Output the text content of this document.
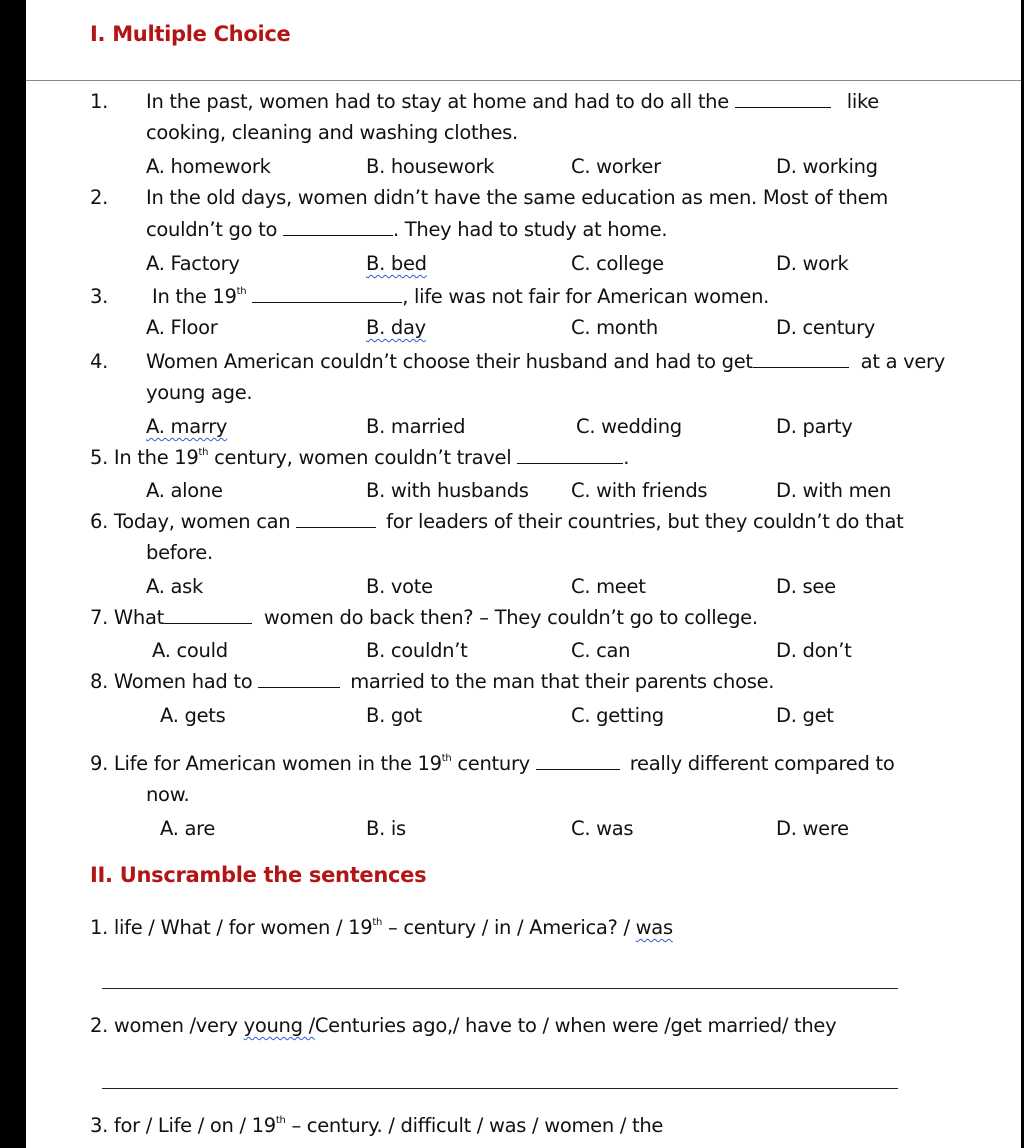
I. Multiple Choice
1. In the past, women had to stay at home and had to do all the	like
cooking, cleaning and washing clothes.
A. homework	B. housework	C. worker	D. working
2. In the old days, women didn’t have the same education as men. Most of them
couldn’t go to	. They had to study at home.
A. Factory	B. bed	C. college	D. work
3. In the 19th	, life was not fair for American women.
A. Floor	B. day	C. month	D. century
4. Women American couldn’t choose their husband and had to get	at a very
young age.
A. marry	B. married	C. wedding	D. party
5. In the 19th century, women couldn’t travel	.
A. alone	B. with husbands C. with friends	D. with men
6. Today, women can	for leaders of their countries, but they couldn’t do that
before.
A. ask	B. vote	C. meet	D. see
7. What	women do back then? – They couldn’t go to college.
A. could	B. couldn’t	C. can	D. don’t
8. Women had to	married to the man that their parents chose.
A. gets	B. got	C. getting	D. get
9. Life for American women in the 19th century	really different compared to
now.
A. are	B. is	C. was	D. were
II. Unscramble the sentences
1. life / What / for women / 19th – century / in / America? / was
2. women /very young /Centuries ago,/ have to / when were /get married/ they
3. for / Life / on / 19th – century. / difficult / was / women / the
